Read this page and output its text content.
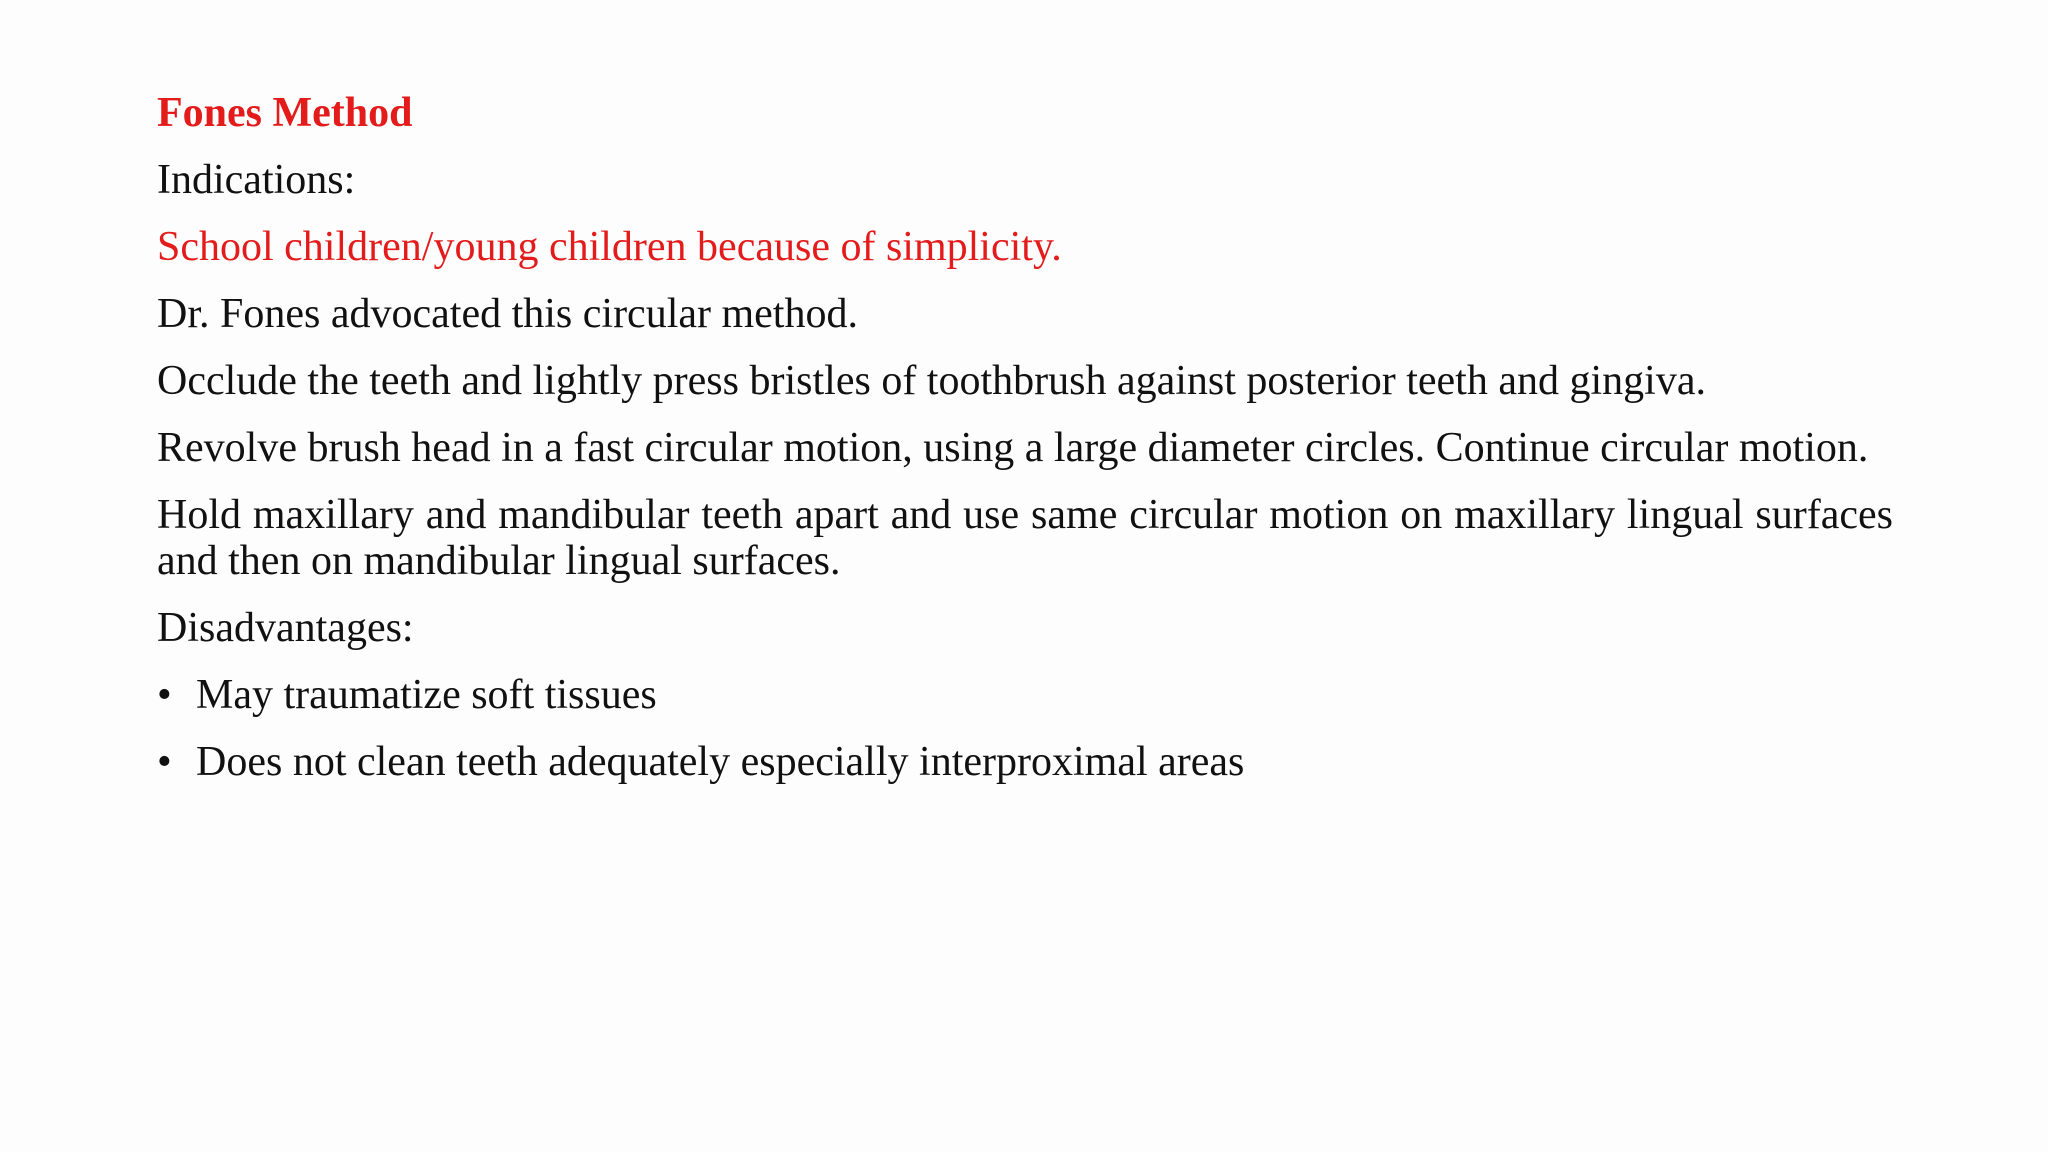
Fones Method
Indications:
School children/young children because of simplicity.
Dr. Fones advocated this circular method.
Occlude the teeth and lightly press bristles of toothbrush against posterior teeth and gingiva.
Revolve brush head in a fast circular motion, using a large diameter circles. Continue circular motion.
Hold maxillary and mandibular teeth apart and use same circular motion on maxillary lingual surfaces and then on mandibular lingual surfaces.
Disadvantages:
• May traumatize soft tissues
• Does not clean teeth adequately especially interproximal areas
